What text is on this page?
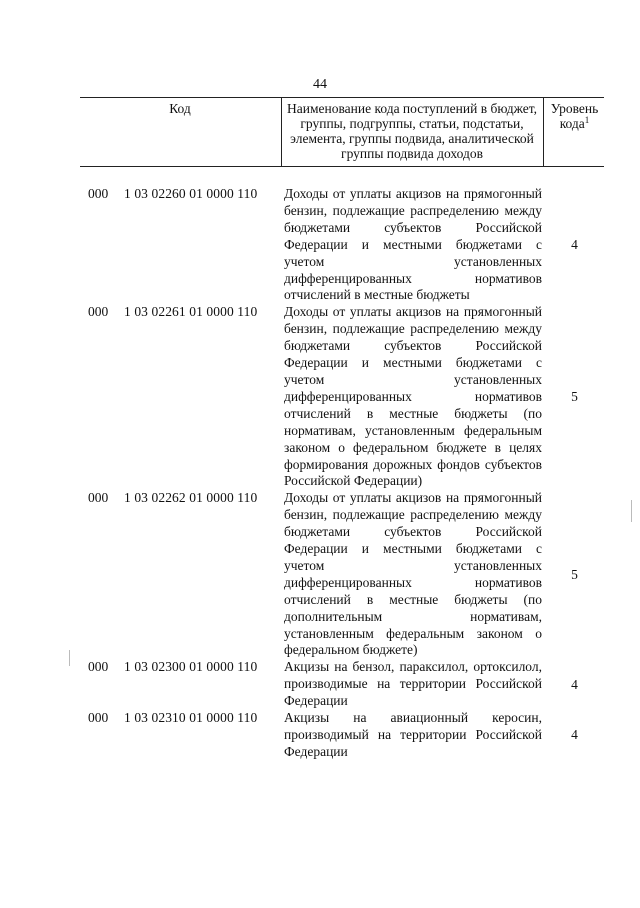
44
Код	Наименование кода поступлений в бюджет, группы, подгруппы, статьи, подстатьи, элемента, группы подвида, аналитической группы подвида доходов
Уровень кода$^1$
000 1 03 02260 01 0000 110 Доходы от уплаты акцизов на прямогонный бензин, подлежащие распределению между бюджетами субъектов Российской Федерации и местными бюджетами с учетом установленных дифференцированных нормативов отчислений в местные бюджеты
4
000 1 03 02261 01 0000 110 Доходы от уплаты акцизов на прямогонный бензин, подлежащие распределению между бюджетами субъектов Российской Федерации и местными бюджетами с учетом установленных дифференцированных нормативов отчислений в местные бюджеты (по нормативам, установленным федеральным законом о федеральном бюджете в целях формирования дорожных фондов субъектов Российской Федерации)
5
000 1 03 02262 01 0000 110 Доходы от уплаты акцизов на прямогонный бензин, подлежащие распределению между бюджетами субъектов Российской Федерации и местными бюджетами с учетом установленных дифференцированных нормативов отчислений в местные бюджеты (по дополнительным нормативам, установленным федеральным законом о федеральном бюджете)
5
000 1 03 02300 01 0000 110 Акцизы на бензол, параксилол, ортоксилол, производимые на территории Российской Федерации
4
000 1 03 02310 01 0000 110 Акцизы на авиационный керосин, производимый на территории Российской Федерации
4
